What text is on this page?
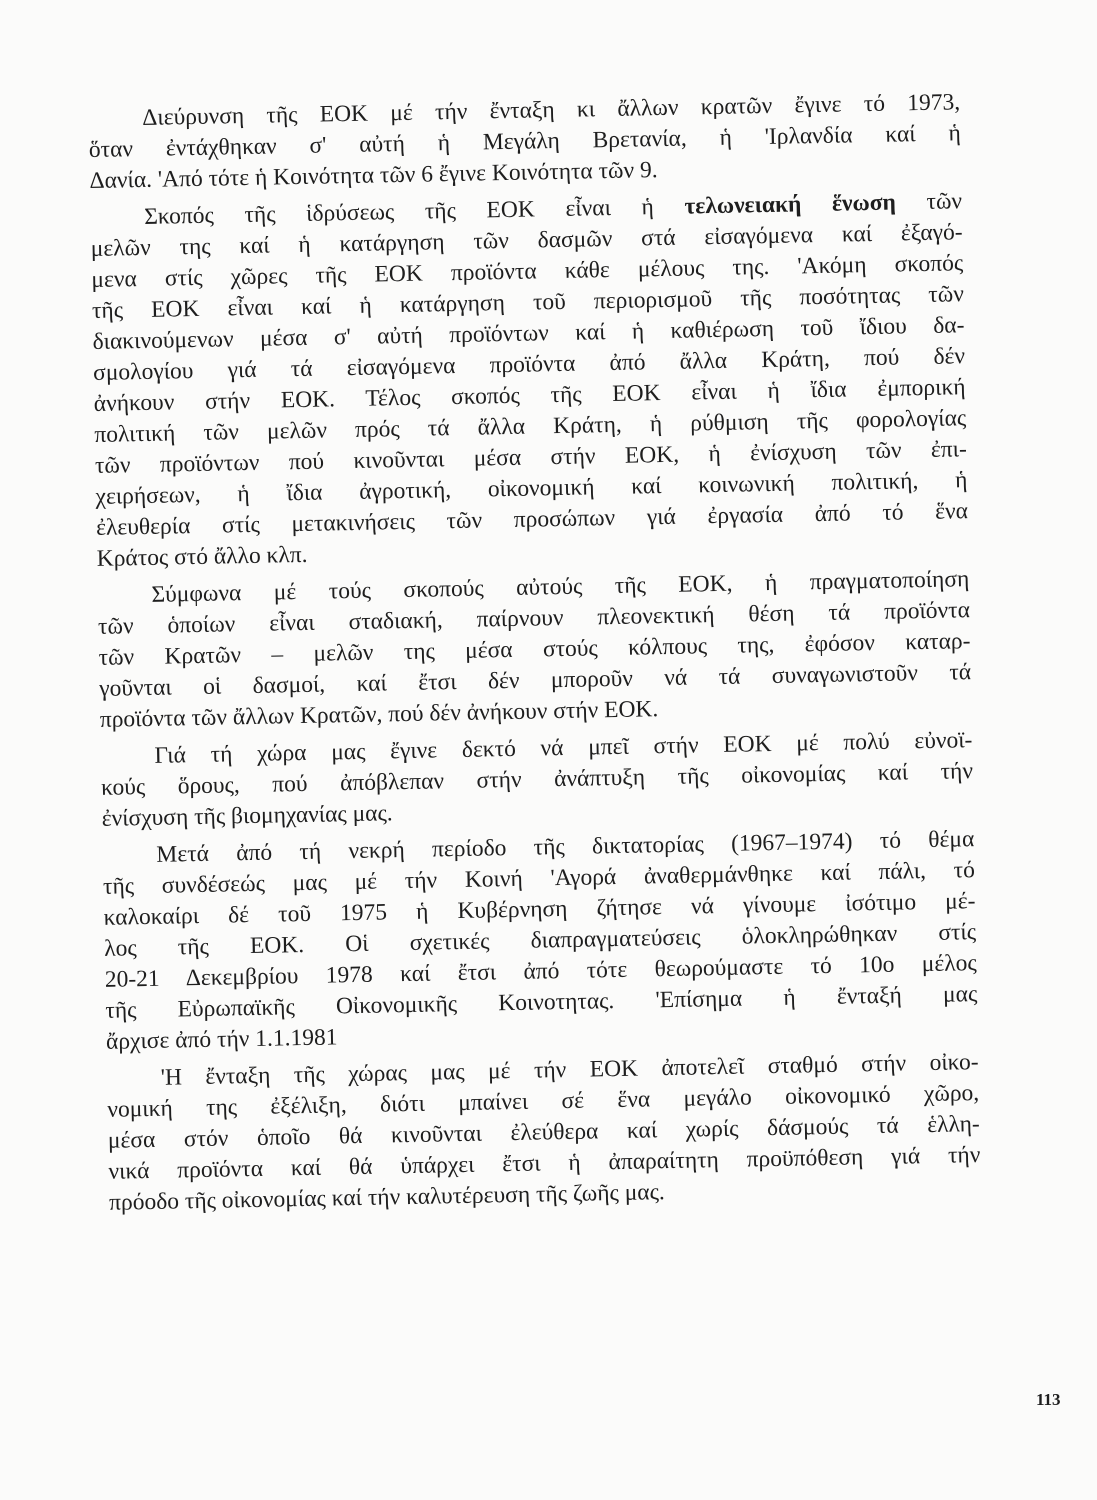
Διεύρυνση τῆς ΕΟΚ μέ τήν ἔνταξη κι ἄλλων κρατῶν ἔγινε τό 1973,
ὅταν ἐντάχθηκαν σ' αὐτή ἡ Μεγάλη Βρετανία, ἡ 'Ιρλανδία καί ἡ
Δανία. 'Από τότε ἡ Κοινότητα τῶν 6 ἔγινε Κοινότητα τῶν 9.
Σκοπός τῆς ἱδρύσεως τῆς ΕΟΚ εἶναι ἡ τελωνειακή ἕνωση τῶν
μελῶν της καί ἡ κατάργηση τῶν δασμῶν στά εἰσαγόμενα καί ἐξαγό-
μενα στίς χῶρες τῆς ΕΟΚ προϊόντα κάθε μέλους της. 'Ακόμη σκοπός
τῆς ΕΟΚ εἶναι καί ἡ κατάργηση τοῦ περιορισμοῦ τῆς ποσότητας τῶν
διακινούμενων μέσα σ' αὐτή προϊόντων καί ἡ καθιέρωση τοῦ ἴδιου δα-
σμολογίου γιά τά εἰσαγόμενα προϊόντα ἀπό ἄλλα Κράτη, πού δέν
ἀνήκουν στήν ΕΟΚ. Τέλος σκοπός τῆς ΕΟΚ εἶναι ἡ ἴδια ἐμπορική
πολιτική τῶν μελῶν πρός τά ἄλλα Κράτη, ἡ ρύθμιση τῆς φορολογίας
τῶν προϊόντων πού κινοῦνται μέσα στήν ΕΟΚ, ἡ ἐνίσχυση τῶν ἐπι-
χειρήσεων, ἡ ἴδια ἀγροτική, οἰκονομική καί κοινωνική πολιτική, ἡ
ἐλευθερία στίς μετακινήσεις τῶν προσώπων γιά ἐργασία ἀπό τό ἕνα
Κράτος στό ἄλλο κλπ.
Σύμφωνα μέ τούς σκοπούς αὐτούς τῆς ΕΟΚ, ἡ πραγματοποίηση
τῶν ὁποίων εἶναι σταδιακή, παίρνουν πλεονεκτική θέση τά προϊόντα
τῶν Κρατῶν – μελῶν της μέσα στούς κόλπους της, ἐφόσον καταρ-
γοῦνται οἱ δασμοί, καί ἔτσι δέν μποροῦν νά τά συναγωνιστοῦν τά
προϊόντα τῶν ἄλλων Κρατῶν, πού δέν ἀνήκουν στήν ΕΟΚ.
Γιά τή χώρα μας ἔγινε δεκτό νά μπεῖ στήν ΕΟΚ μέ πολύ εὐνοϊ-
κούς ὅρους, πού ἀπόβλεπαν στήν ἀνάπτυξη τῆς οἰκονομίας καί τήν
ἐνίσχυση τῆς βιομηχανίας μας.
Μετά ἀπό τή νεκρή περίοδο τῆς δικτατορίας (1967–1974) τό θέμα
τῆς συνδέσεώς μας μέ τήν Κοινή 'Αγορά ἀναθερμάνθηκε καί πάλι, τό
καλοκαίρι δέ τοῦ 1975 ἡ Κυβέρνηση ζήτησε νά γίνουμε ἰσότιμο μέ-
λος τῆς ΕΟΚ. Οἱ σχετικές διαπραγματεύσεις ὁλοκληρώθηκαν στίς
20-21 Δεκεμβρίου 1978 καί ἔτσι ἀπό τότε θεωρούμαστε τό 10ο μέλος
τῆς Εὐρωπαϊκῆς Οἰκονομικῆς Κοινοτητας. 'Επίσημα ἡ ἔνταξή μας
ἄρχισε ἀπό τήν 1.1.1981
'Η ἔνταξη τῆς χώρας μας μέ τήν ΕΟΚ ἀποτελεῖ σταθμό στήν οἰκο-
νομική της ἐξέλιξη, διότι μπαίνει σέ ἕνα μεγάλο οἰκονομικό χῶρο,
μέσα στόν ὁποῖο θά κινοῦνται ἐλεύθερα καί χωρίς δάσμούς τά ἑλλη-
νικά προϊόντα καί θά ὑπάρχει ἔτσι ἡ ἀπαραίτητη προϋπόθεση γιά τήν
πρόοδο τῆς οἰκονομίας καί τήν καλυτέρευση τῆς ζωῆς μας.
113
